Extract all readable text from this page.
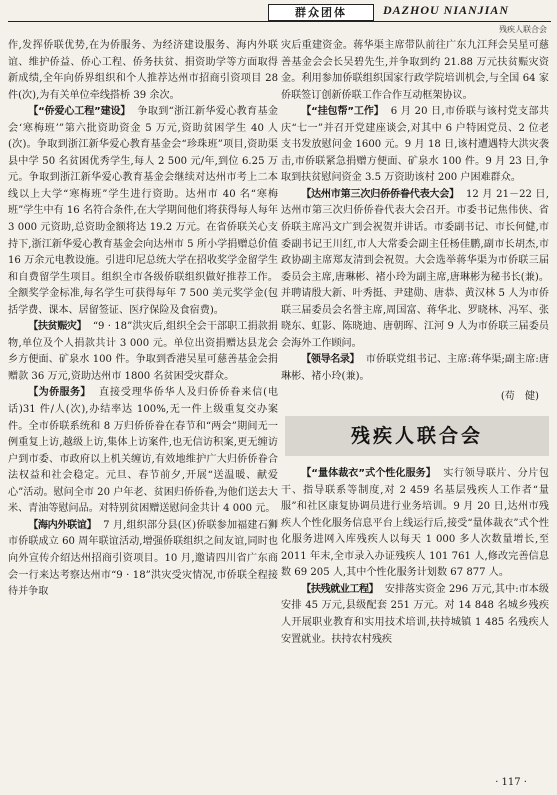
群众团体	DAZHOU NIANJIAN
残疾人联合会

作,发挥侨联优势,在为侨服务、为经济建设服务、海内外联谊、维护侨益、侨心工程、侨务扶贫、捐资助学等方面取得新成绩,全年向侨界组织和个人推荐达州市招商引资项目 28 件(次),为有关单位牵线搭桥 39 余次。

【“侨爱心工程”建设】 争取到“浙江新华爱心教育基金会‘寒梅班’”第六批资助资金 5 万元,资助贫困学生 40 人(次)。争取到浙江新华爱心教育基金会“珍珠班”项目,资助渠县中学 50 名贫困优秀学生,每人 2 500 元/年,到位 6.25 万元。争取到浙江新华爱心教育基金会继续对达州市考上二本线以上大学“寒梅班”学生进行资助。达州市 40 名“寒梅班”学生中有 16 名符合条件,在大学期间他们将获得每人每年 3 000 元资助,总资助金额将达 19.2 万元。在省侨联关心支持下,浙江新华爱心教育基金会向达州市 5 所小学捐赠总价值 16 万余元电教设施。引进印尼总统大学在招收奖学金留学生和自费留学生项目。组织全市各级侨联组织做好推荐工作。全额奖学金标准,每名学生可获得每年 7 500 美元奖学金(包括学费、课本、居留签证、医疗保险及食宿费)。

【扶贫赈灾】 “9 · 18”洪灾后,组织全会干部职工捐款捐物,单位及个人捐款共计 3 000 元。单位出资捐赠达县龙会乡方便面、矿泉水 100 件。争取到香港吴星可慈善基金会捐赠款 36 万元,资助达州市 1800 名贫困受灾群众。

【为侨服务】 直接受理华侨华人及归侨侨眷来信(电话)31 件/人(次),办结率达 100%,无一件上级重复交办案件。全市侨联系统和 8 万归侨侨眷在春节和“两会”期间无一例重复上访,越级上访,集体上访案件,也无信访积案,更无缠访户到市委、市政府以上机关缠访,有效地维护广大归侨侨眷合法权益和社会稳定。元旦、春节前夕,开展“送温暖、献爱心”活动。慰问全市 20 户年老、贫困归侨侨眷,为他们送去大米、青油等慰问品。对特别贫困赠送慰问金共计 4 000 元。

【海内外联谊】 7 月,组织部分县(区)侨联参加福建石狮市侨联成立 60 周年联谊活动,增强侨联组织之间友谊,同时也向外宣传介绍达州招商引资项目。10 月,邀请四川省广东商会一行来达考察达州市“9 · 18”洪灾受灾情况,市侨联全程接待并争取

灾后重建资金。蒋华渠主席带队前往广东九江拜会吴星可慈善基金会会长吴碧先生,并争取到约 21.88 万元扶贫赈灾资金。利用参加侨联组织国家行政学院培训机会,与全国 64 家侨联签订创新侨联工作合作互动框架协议。

【“挂包帮”工作】 6 月 20 日,市侨联与该村党支部共庆“七一”并召开党建座谈会,对其中 6 户特困党员、2 位老支书发放慰问金 1600 元。9 月 18 日,该村遭遇特大洪灾袭击,市侨联紧急捐赠方便面、矿泉水 100 件。9 月 23 日,争取到扶贫慰问资金 3.5 万资助该村 200 户困难群众。

【达州市第三次归侨侨眷代表大会】 12 月 21－22 日,达州市第三次归侨侨眷代表大会召开。市委书记焦伟侠、省侨联主席冯文广到会祝贺并讲话。市委副书记、市长何健,市委副书记王川红,市人大常委会副主任杨佳鹏,副市长胡杰,市政协副主席郑友清到会祝贺。大会选举蒋华渠为市侨联三届委员会主席,唐琳彬、褚小玲为副主席,唐琳彬为秘书长(兼)。并聘请殷大新、叶秀挺、尹建勋、唐恭、黄汉林 5 人为市侨联三届委员会名誉主席,周国富、蒋华北、罗晓林、冯军、张晓东、虹影、陈晓迪、唐朝晖、江河 9 人为市侨联三届委员会海外工作顾问。

【领导名录】 市侨联党组书记、主席:蒋华渠;副主席:唐琳彬、褚小玲(兼)。

(苟　健)

残疾人联合会

【“量体裁衣”式个性化服务】 实行领导联片、分片包干、指导联系等制度,对 2 459 名基层残疾人工作者“量服”和社区康复协调员进行业务培训。9 月 20 日,达州市残疾人个性化服务信息平台上线运行后,接受“量体裁衣”式个性化服务进网入库残疾人以每天 1 000 多人次数量增长,至 2011 年末,全市录入办证残疾人 101 761 人,修改完善信息数 69 205 人,其中个性化服务计划数 67 877 人。

【扶残就业工程】 安排落实资金 296 万元,其中:市本级安排 45 万元,县级配套 251 万元。对 14 848 名城乡残疾人开展职业教育和实用技术培训,扶持城镇 1 485 名残疾人安置就业。扶持农村残疾

· 117 ·
